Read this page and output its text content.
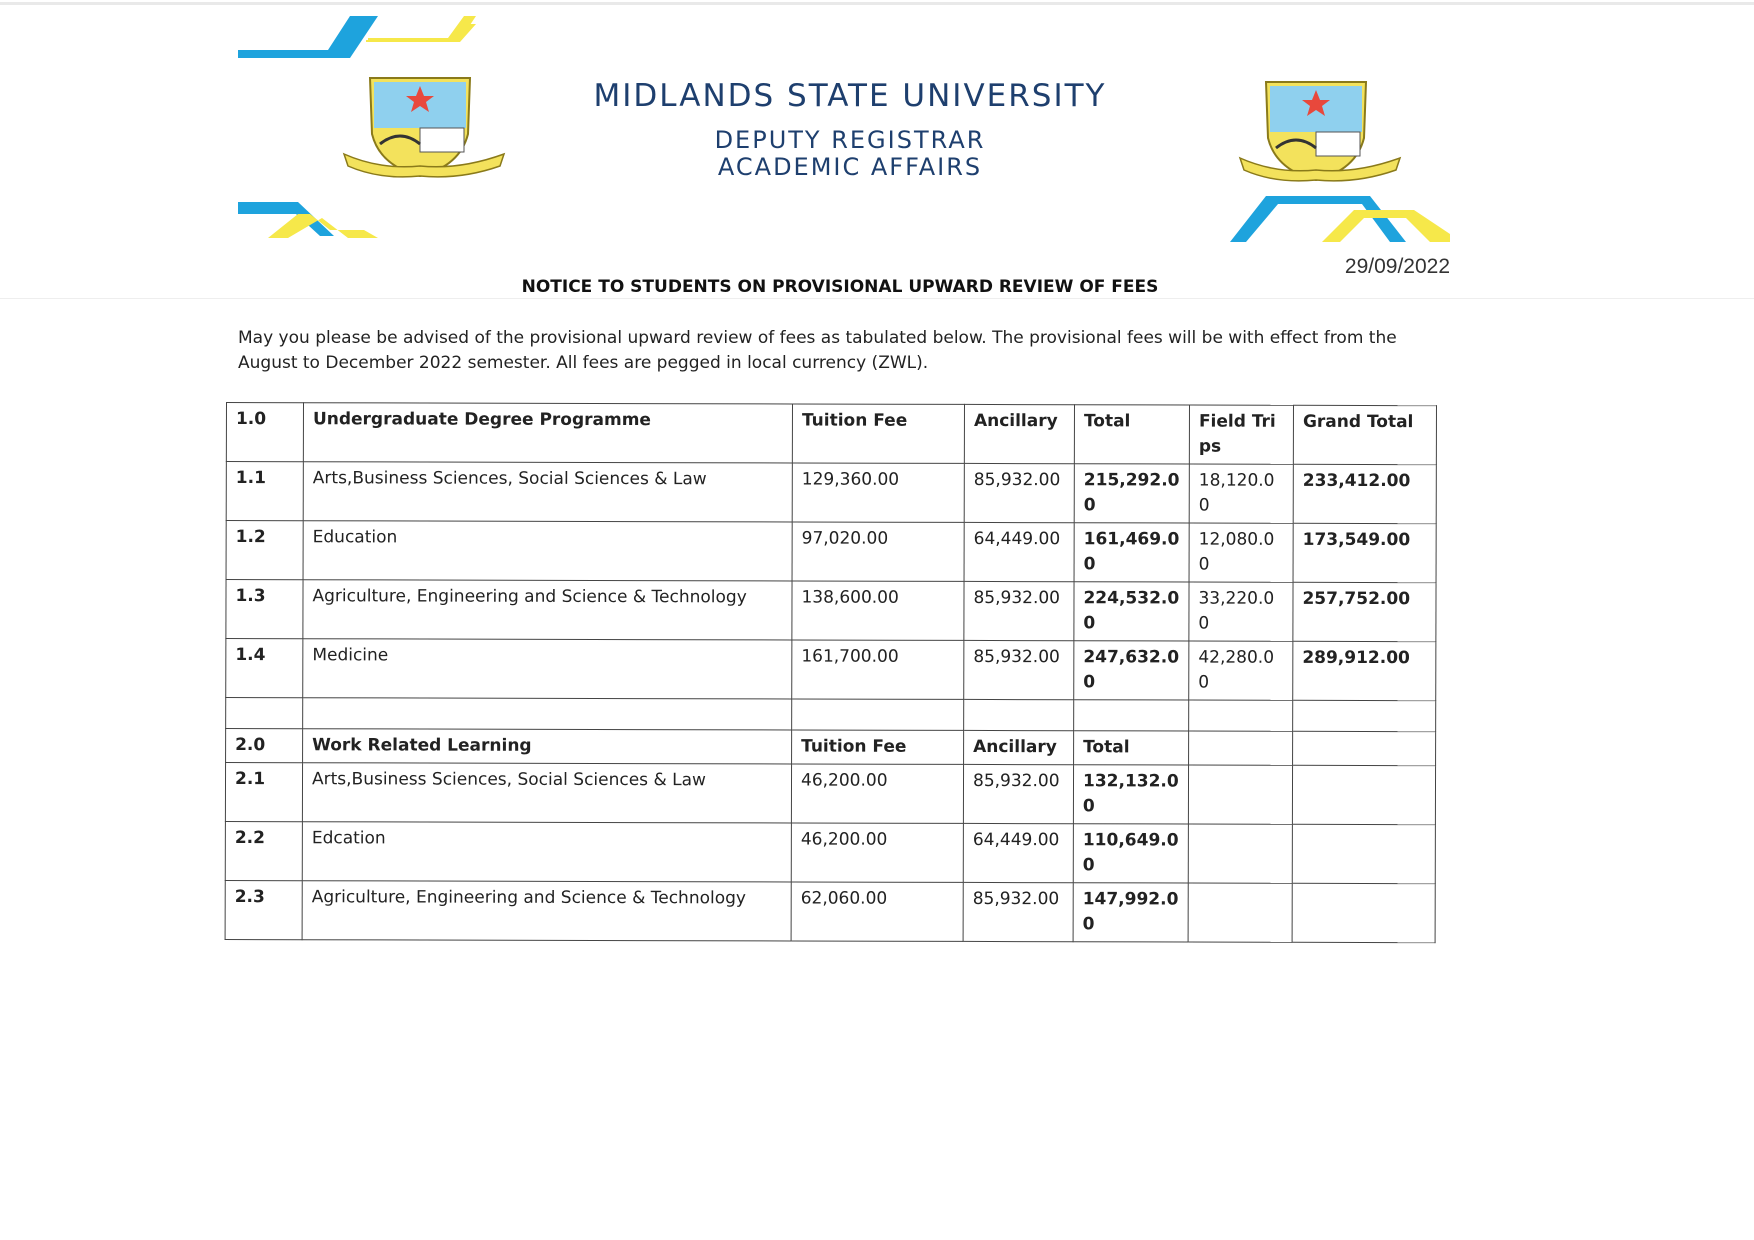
MIDLANDS STATE UNIVERSITY
DEPUTY REGISTRAR
ACADEMIC AFFAIRS
29/09/2022
NOTICE TO STUDENTS ON PROVISIONAL UPWARD REVIEW OF FEES
May you please be advised of the provisional upward review of fees as tabulated below. The provisional fees will be with effect from the
August to December 2022 semester. All fees are pegged in local currency (ZWL).
1.0	Undergraduate Degree Programme	Tuition Fee	Ancillary	Total	Field Trips	Grand Total
1.1	Arts,Business Sciences, Social Sciences & Law	129,360.00	85,932.00	215,292.00	18,120.00	233,412.00
1.2	Education	97,020.00	64,449.00	161,469.00	12,080.00	173,549.00
1.3	Agriculture, Engineering and Science & Technology	138,600.00	85,932.00	224,532.00	33,220.00	257,752.00
1.4	Medicine	161,700.00	85,932.00	247,632.00	42,280.00	289,912.00

2.0	Work Related Learning	Tuition Fee	Ancillary	Total		
2.1	Arts,Business Sciences, Social Sciences & Law	46,200.00	85,932.00	132,132.00		
2.2	Edcation	46,200.00	64,449.00	110,649.00		
2.3	Agriculture, Engineering and Science & Technology	62,060.00	85,932.00	147,992.00		
